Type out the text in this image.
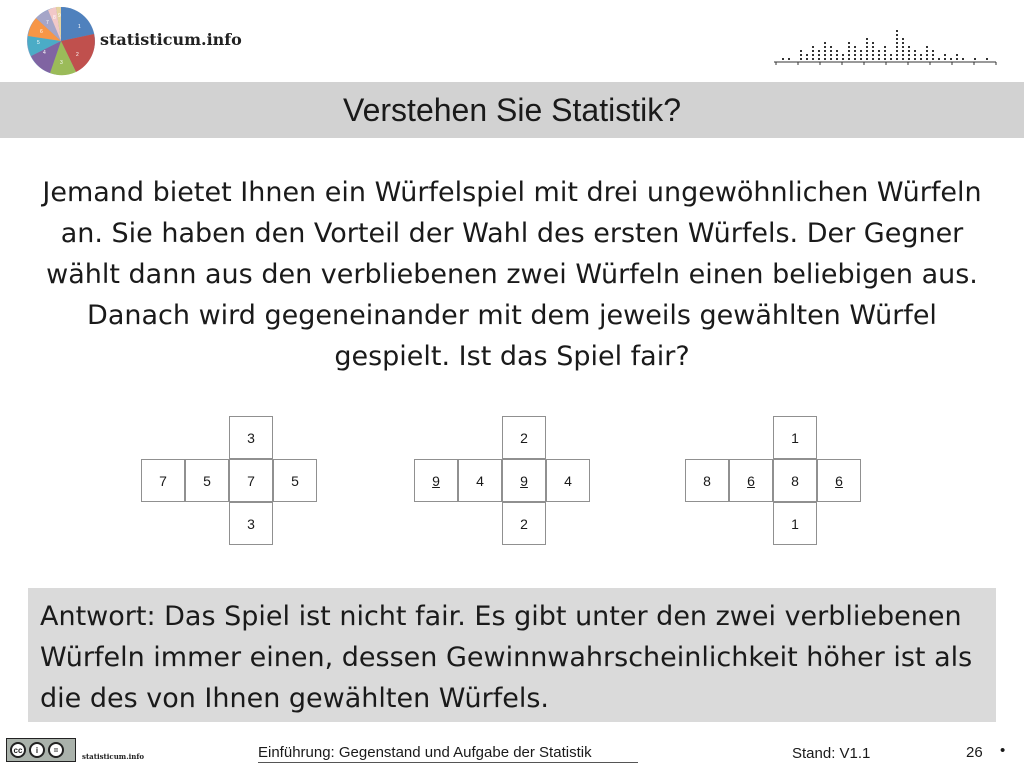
1
2
3
4
5
6
7
8 9
statisticum.info
Verstehen Sie Statistik?
Jemand bietet Ihnen ein Würfelspiel mit drei ungewöhnlichen Würfeln an. Sie haben den Vorteil der Wahl des ersten Würfels. Der Gegner wählt dann aus den verbliebenen zwei Würfeln einen beliebigen aus. Danach wird gegeneinander mit dem jeweils gewählten Würfel gespielt. Ist das Spiel fair?
3
7	5	7	5
3
2
9	4	9	4
2
1
8	6	8	6
1

Antwort: Das Spiel ist nicht fair. Es gibt unter den zwei verbliebenen Würfeln immer einen, dessen Gewinnwahrscheinlichkeit höher ist als die des von Ihnen gewählten Würfels.

cc	i	=
statisticum.info	Einführung: Gegenstand und Aufgabe der Statistik	Stand: V1.1	26 •
